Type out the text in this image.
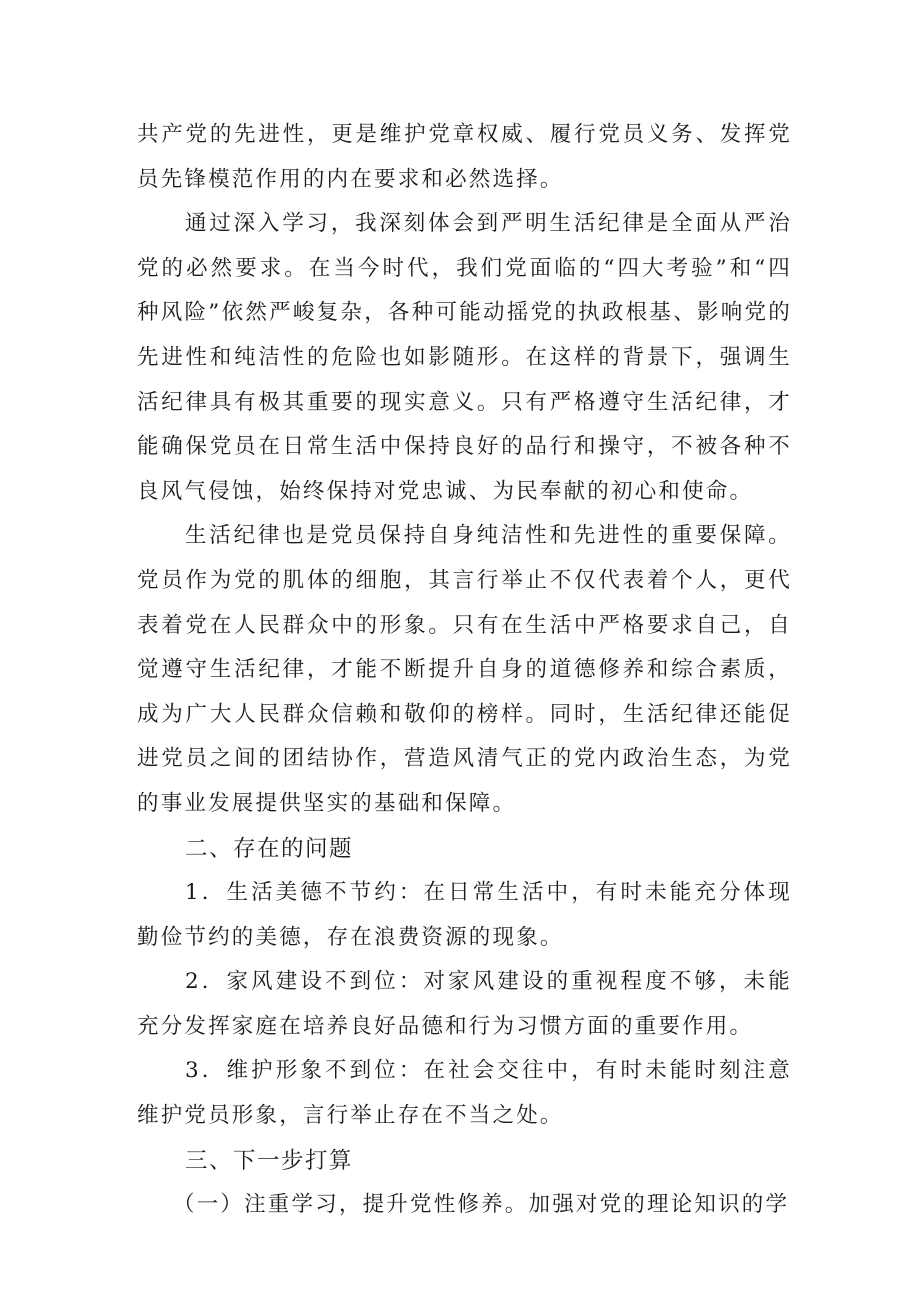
共产党的先进性，更是维护党章权威、履行党员义务、发挥党员先锋模范作用的内在要求和必然选择。

通过深入学习，我深刻体会到严明生活纪律是全面从严治党的必然要求。在当今时代，我们党面临的“四大考验”和“四种风险”依然严峻复杂，各种可能动摇党的执政根基、影响党的先进性和纯洁性的危险也如影随形。在这样的背景下，强调生活纪律具有极其重要的现实意义。只有严格遵守生活纪律，才能确保党员在日常生活中保持良好的品行和操守，不被各种不良风气侵蚀，始终保持对党忠诚、为民奉献的初心和使命。

生活纪律也是党员保持自身纯洁性和先进性的重要保障。党员作为党的肌体的细胞，其言行举止不仅代表着个人，更代表着党在人民群众中的形象。只有在生活中严格要求自己，自觉遵守生活纪律，才能不断提升自身的道德修养和综合素质，成为广大人民群众信赖和敬仰的榜样。同时，生活纪律还能促进党员之间的团结协作，营造风清气正的党内政治生态，为党的事业发展提供坚实的基础和保障。

二、存在的问题

1．生活美德不节约：在日常生活中，有时未能充分体现勤俭节约的美德，存在浪费资源的现象。

2．家风建设不到位：对家风建设的重视程度不够，未能充分发挥家庭在培养良好品德和行为习惯方面的重要作用。

3．维护形象不到位：在社会交往中，有时未能时刻注意维护党员形象，言行举止存在不当之处。

三、下一步打算

（一）注重学习，提升党性修养。加强对党的理论知识的学
